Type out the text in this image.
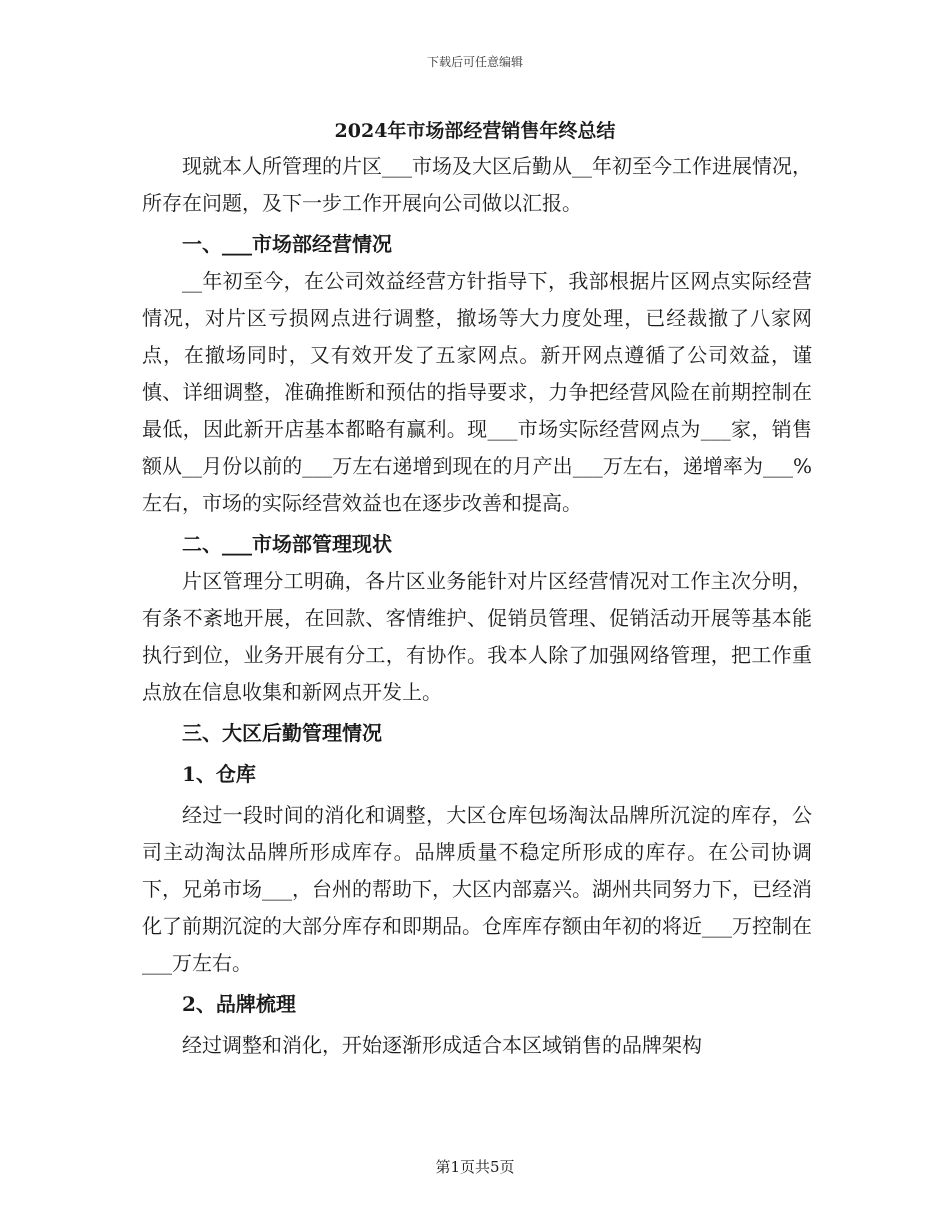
下载后可任意编辑
2024年市场部经营销售年终总结

现就本人所管理的片区___市场及大区后勤从__年初至今工作进展情况，所存在问题，及下一步工作开展向公司做以汇报。

一、___市场部经营情况

__年初至今，在公司效益经营方针指导下，我部根据片区网点实际经营情况，对片区亏损网点进行调整，撤场等大力度处理，已经裁撤了八家网点，在撤场同时，又有效开发了五家网点。新开网点遵循了公司效益，谨慎、详细调整，准确推断和预估的指导要求，力争把经营风险在前期控制在最低，因此新开店基本都略有赢利。现___市场实际经营网点为___家，销售额从__月份以前的___万左右递增到现在的月产出___万左右，递增率为___%左右，市场的实际经营效益也在逐步改善和提高。

二、___市场部管理现状

片区管理分工明确，各片区业务能针对片区经营情况对工作主次分明，有条不紊地开展，在回款、客情维护、促销员管理、促销活动开展等基本能执行到位，业务开展有分工，有协作。我本人除了加强网络管理，把工作重点放在信息收集和新网点开发上。

三、大区后勤管理情况
1、仓库

经过一段时间的消化和调整，大区仓库包场淘汰品牌所沉淀的库存，公司主动淘汰品牌所形成库存。品牌质量不稳定所形成的库存。在公司协调下，兄弟市场___，台州的帮助下，大区内部嘉兴。湖州共同努力下，已经消化了前期沉淀的大部分库存和即期品。仓库库存额由年初的将近___万控制在___万左右。

2、品牌梳理

经过调整和消化，开始逐渐形成适合本区域销售的品牌架构

第1页共5页
